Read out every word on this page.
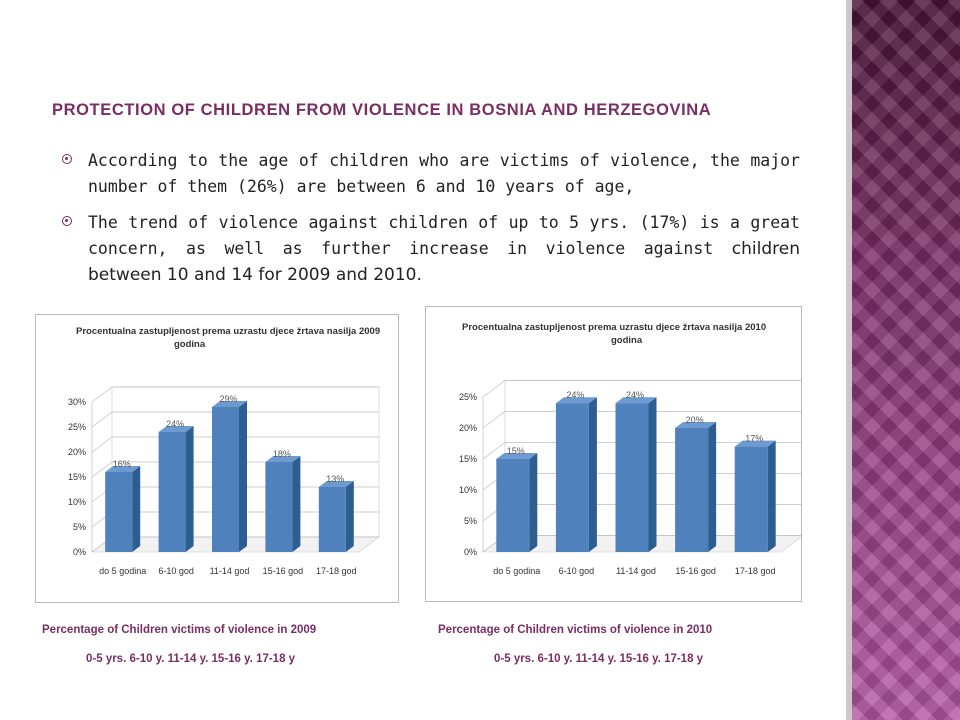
PROTECTION OF CHILDREN FROM VIOLENCE IN BOSNIA AND HERZEGOVINA
According to the age of children who are victims of violence, the major number of them (26%) are between 6 and 10 years of age,
The trend of violence against children of up to 5 yrs. (17%) is a great concern, as well as further increase in violence against children between 10 and 14 for 2009 and 2010.
Procentualna zastupljenost prema uzrastu djece žrtava nasilja 2009
godina
0%
5%
10%
15%
20%
25%
30%
16%
do 5 godina
24%
6-10 god
29%
11-14 god
18%
15-16 god
13%
17-18 god
Procentualna zastupljenost prema uzrastu djece žrtava nasilja 2010
godina
0%
5%
10%
15%
20%
25%
15%
do 5 godina
24%
6-10 god
24%
11-14 god
20%
15-16 god
17%
17-18 god
Percentage of Children victims of violence in 2009
0-5 yrs. 6-10 y. 11-14 y. 15-16 y. 17-18 y
Percentage of Children victims of violence in 2010
0-5 yrs. 6-10 y. 11-14 y. 15-16 y. 17-18 y
